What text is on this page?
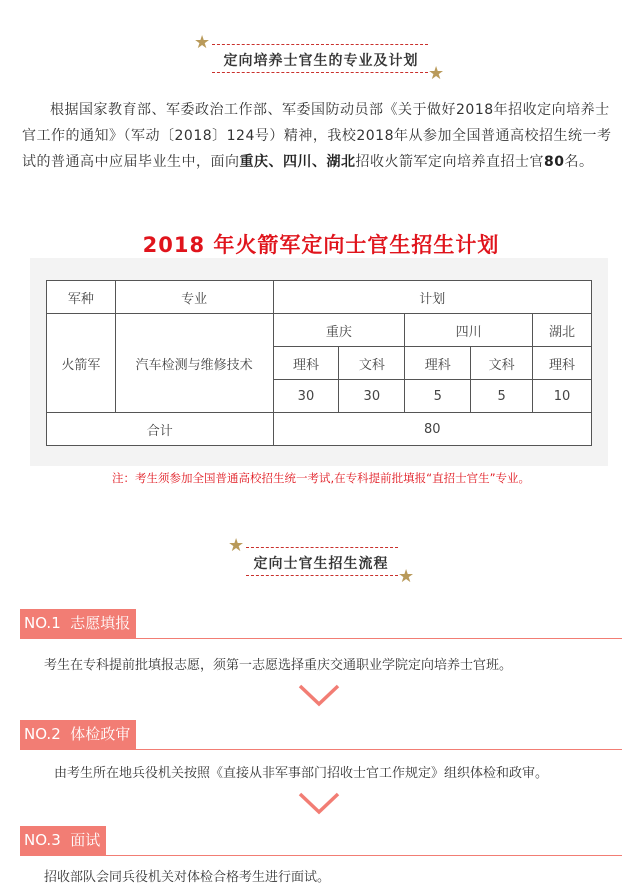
★
定向培养士官生的专业及计划
★
根据国家教育部、军委政治工作部、军委国防动员部《关于做好2018年招收定向培养士官工作的通知》（军动〔2018〕124号）精神，我校2018年从参加全国普通高校招生统一考试的普通高中应届毕业生中，面向重庆、四川、湖北招收火箭军定向培养直招士官80名。
2018 年火箭军定向士官生招生计划
军种	专业	计划				
火箭军	汽车检测与维修技术	重庆		四川		湖北
		理科	文科	理科	文科	理科
		30	30	5	5	10
合计		80				
注：考生须参加全国普通高校招生统一考试,在专科提前批填报“直招士官生”专业。
★
定向士官生招生流程
★
NO.1 志愿填报
考生在专科提前批填报志愿，须第一志愿选择重庆交通职业学院定向培养士官班。
NO.2 体检政审
由考生所在地兵役机关按照《直接从非军事部门招收士官工作规定》组织体检和政审。
NO.3 面试
招收部队会同兵役机关对体检合格考生进行面试。
